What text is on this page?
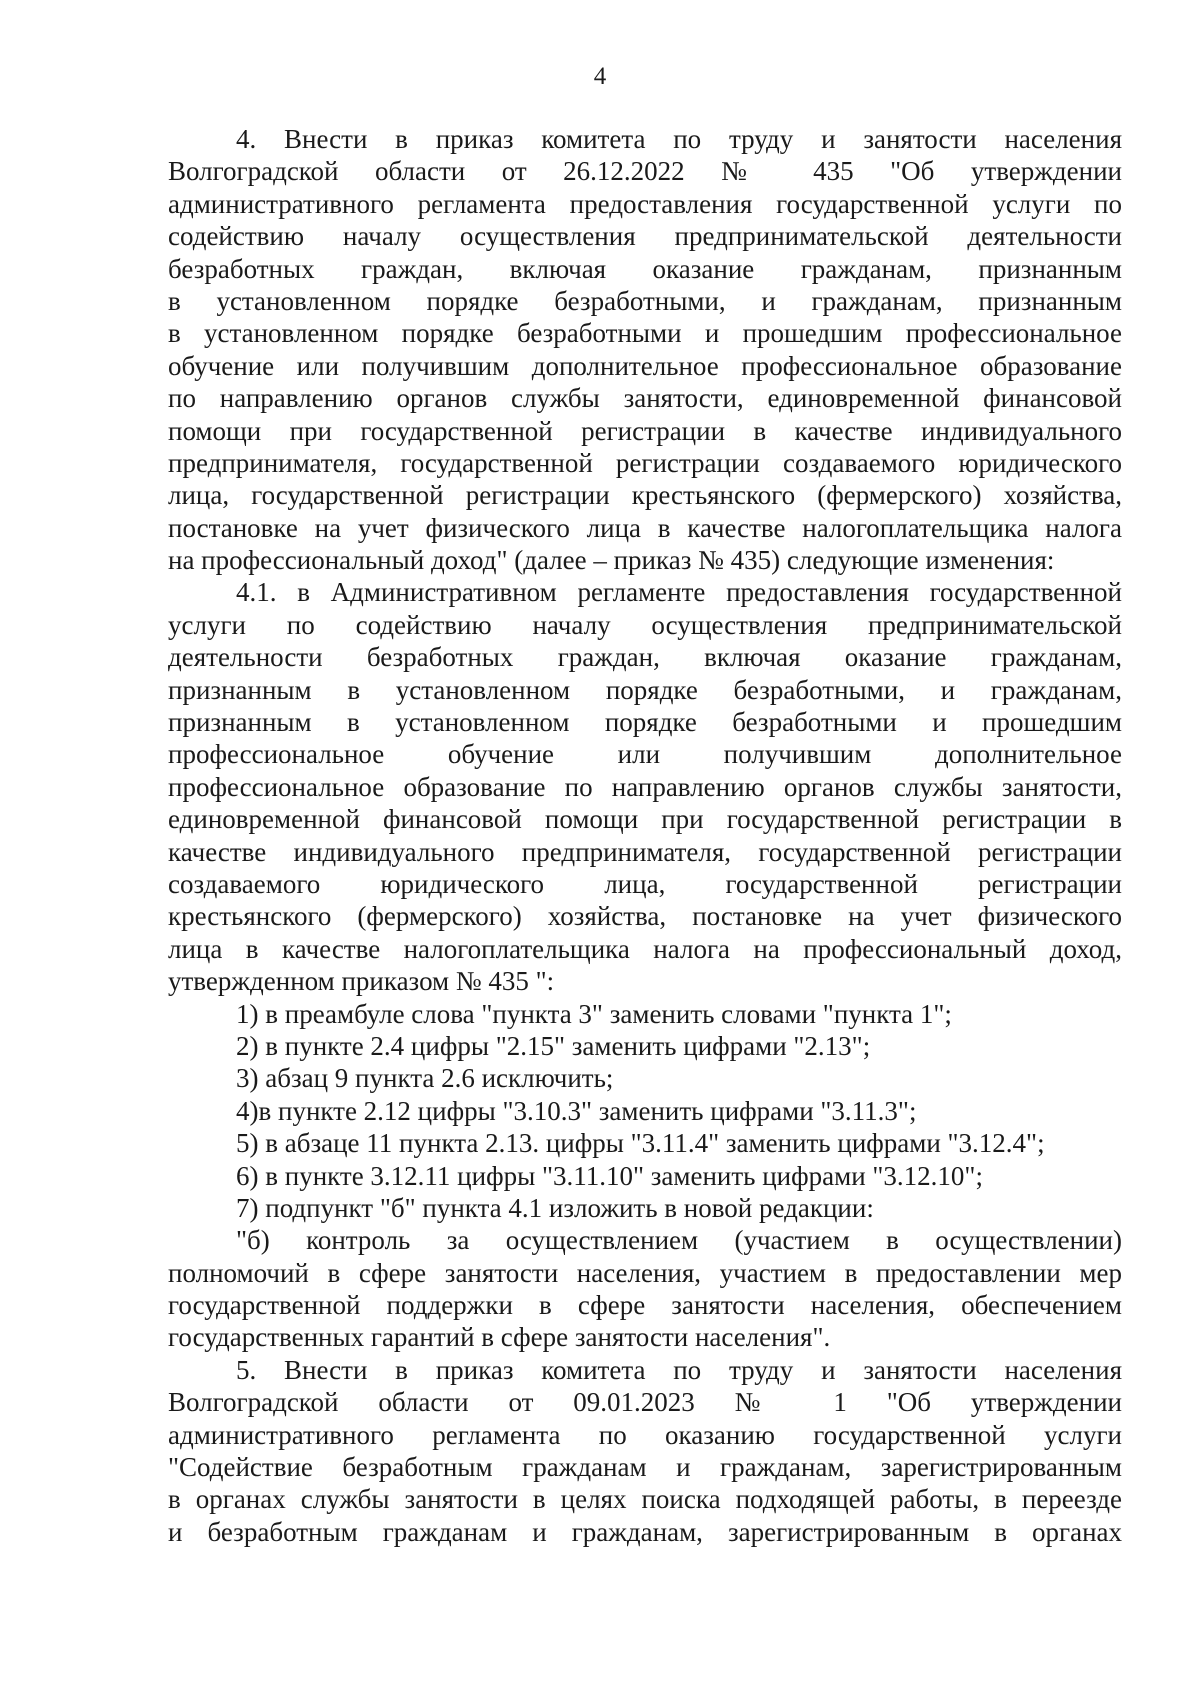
4
4. Внести в приказ комитета по труду и занятости населения
Волгоградской области от 26.12.2022 № 435 "Об утверждении
административного регламента предоставления государственной услуги по
содействию началу осуществления предпринимательской деятельности
безработных граждан, включая оказание гражданам, признанным
в установленном порядке безработными, и гражданам, признанным
в установленном порядке безработными и прошедшим профессиональное
обучение или получившим дополнительное профессиональное образование
по направлению органов службы занятости, единовременной финансовой
помощи при государственной регистрации в качестве индивидуального
предпринимателя, государственной регистрации создаваемого юридического
лица, государственной регистрации крестьянского (фермерского) хозяйства,
постановке на учет физического лица в качестве налогоплательщика налога
на профессиональный доход" (далее – приказ № 435) следующие изменения:
4.1. в Административном регламенте предоставления государственной
услуги по содействию началу осуществления предпринимательской
деятельности безработных граждан, включая оказание гражданам,
признанным в установленном порядке безработными, и гражданам,
признанным в установленном порядке безработными и прошедшим
профессиональное обучение или получившим дополнительное
профессиональное образование по направлению органов службы занятости,
единовременной финансовой помощи при государственной регистрации в
качестве индивидуального предпринимателя, государственной регистрации
создаваемого юридического лица, государственной регистрации
крестьянского (фермерского) хозяйства, постановке на учет физического
лица в качестве налогоплательщика налога на профессиональный доход,
утвержденном приказом № 435 ":
1) в преамбуле слова "пункта 3" заменить словами "пункта 1";
2) в пункте 2.4 цифры "2.15" заменить цифрами "2.13";
3) абзац 9 пункта 2.6 исключить;
4)в пункте 2.12 цифры "3.10.3" заменить цифрами "3.11.3";
5) в абзаце 11 пункта 2.13. цифры "3.11.4" заменить цифрами "3.12.4";
6) в пункте 3.12.11 цифры "3.11.10" заменить цифрами "3.12.10";
7) подпункт "б" пункта 4.1 изложить в новой редакции:
"б) контроль за осуществлением (участием в осуществлении)
полномочий в сфере занятости населения, участием в предоставлении мер
государственной поддержки в сфере занятости населения, обеспечением
государственных гарантий в сфере занятости населения".
5. Внести в приказ комитета по труду и занятости населения
Волгоградской области от 09.01.2023 № 1 "Об утверждении
административного регламента по оказанию государственной услуги
"Содействие безработным гражданам и гражданам, зарегистрированным
в органах службы занятости в целях поиска подходящей работы, в переезде
и безработным гражданам и гражданам, зарегистрированным в органах
